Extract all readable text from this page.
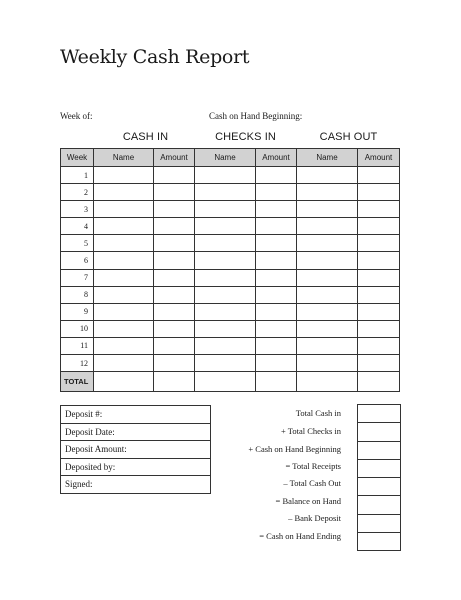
Weekly Cash Report
Week of:	Cash on Hand Beginning:
CASH IN	CHECKS IN	CASH OUT
Week	Name	Amount	Name	Amount	Name	Amount
1						
2						
3						
4						
5						
6						
7						
8						
9						
10						
11						
12						
TOTAL						
Deposit #:
Deposit Date:
Deposit Amount:
Deposited by:
Signed:
Total Cash in
+ Total Checks in
+ Cash on Hand Beginning
= Total Receipts
– Total Cash Out
= Balance on Hand
– Bank Deposit
= Cash on Hand Ending
